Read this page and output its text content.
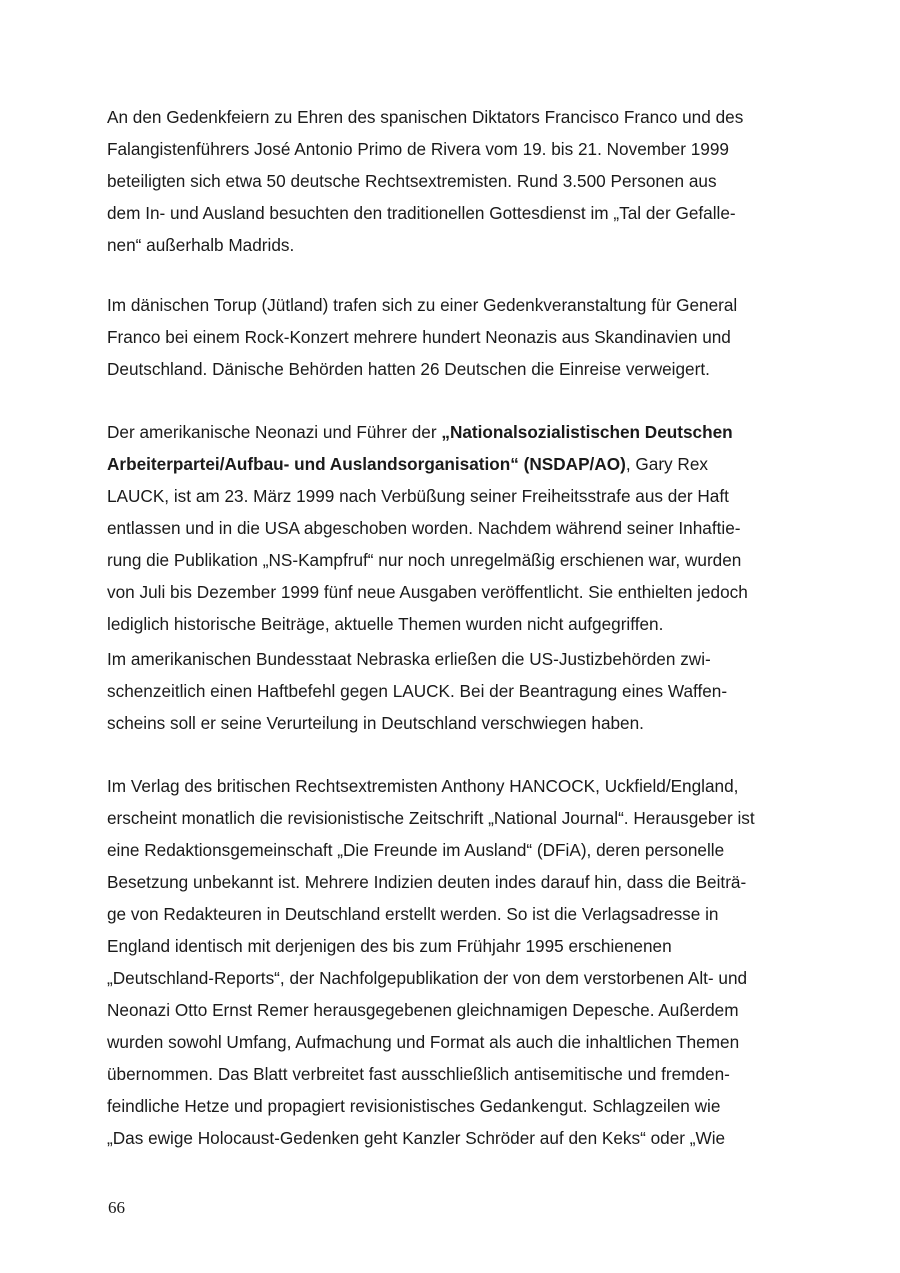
An den Gedenkfeiern zu Ehren des spanischen Diktators Francisco Franco und des
Falangistenführers José Antonio Primo de Rivera vom 19. bis 21. November 1999
beteiligten sich etwa 50 deutsche Rechtsextremisten. Rund 3.500 Personen aus
dem In- und Ausland besuchten den traditionellen Gottesdienst im „Tal der Gefalle-
nen“ außerhalb Madrids.
Im dänischen Torup (Jütland) trafen sich zu einer Gedenkveranstaltung für General
Franco bei einem Rock-Konzert mehrere hundert Neonazis aus Skandinavien und
Deutschland. Dänische Behörden hatten 26 Deutschen die Einreise verweigert.
Der amerikanische Neonazi und Führer der „Nationalsozialistischen Deutschen
Arbeiterpartei/Aufbau- und Auslandsorganisation“ (NSDAP/AO), Gary Rex
LAUCK, ist am 23. März 1999 nach Verbüßung seiner Freiheitsstrafe aus der Haft
entlassen und in die USA abgeschoben worden. Nachdem während seiner Inhaftie-
rung die Publikation „NS-Kampfruf“ nur noch unregelmäßig erschienen war, wurden
von Juli bis Dezember 1999 fünf neue Ausgaben veröffentlicht. Sie enthielten jedoch
lediglich historische Beiträge, aktuelle Themen wurden nicht aufgegriffen.
Im amerikanischen Bundesstaat Nebraska erließen die US-Justizbehörden zwi-
schenzeitlich einen Haftbefehl gegen LAUCK. Bei der Beantragung eines Waffen-
scheins soll er seine Verurteilung in Deutschland verschwiegen haben.
Im Verlag des britischen Rechtsextremisten Anthony HANCOCK, Uckfield/England,
erscheint monatlich die revisionistische Zeitschrift „National Journal“. Herausgeber ist
eine Redaktionsgemeinschaft „Die Freunde im Ausland“ (DFiA), deren personelle
Besetzung unbekannt ist. Mehrere Indizien deuten indes darauf hin, dass die Beiträ-
ge von Redakteuren in Deutschland erstellt werden. So ist die Verlagsadresse in
England identisch mit derjenigen des bis zum Frühjahr 1995 erschienenen
„Deutschland-Reports“, der Nachfolgepublikation der von dem verstorbenen Alt- und
Neonazi Otto Ernst Remer herausgegebenen gleichnamigen Depesche. Außerdem
wurden sowohl Umfang, Aufmachung und Format als auch die inhaltlichen Themen
übernommen. Das Blatt verbreitet fast ausschließlich antisemitische und fremden-
feindliche Hetze und propagiert revisionistisches Gedankengut. Schlagzeilen wie
„Das ewige Holocaust-Gedenken geht Kanzler Schröder auf den Keks“ oder „Wie
66
